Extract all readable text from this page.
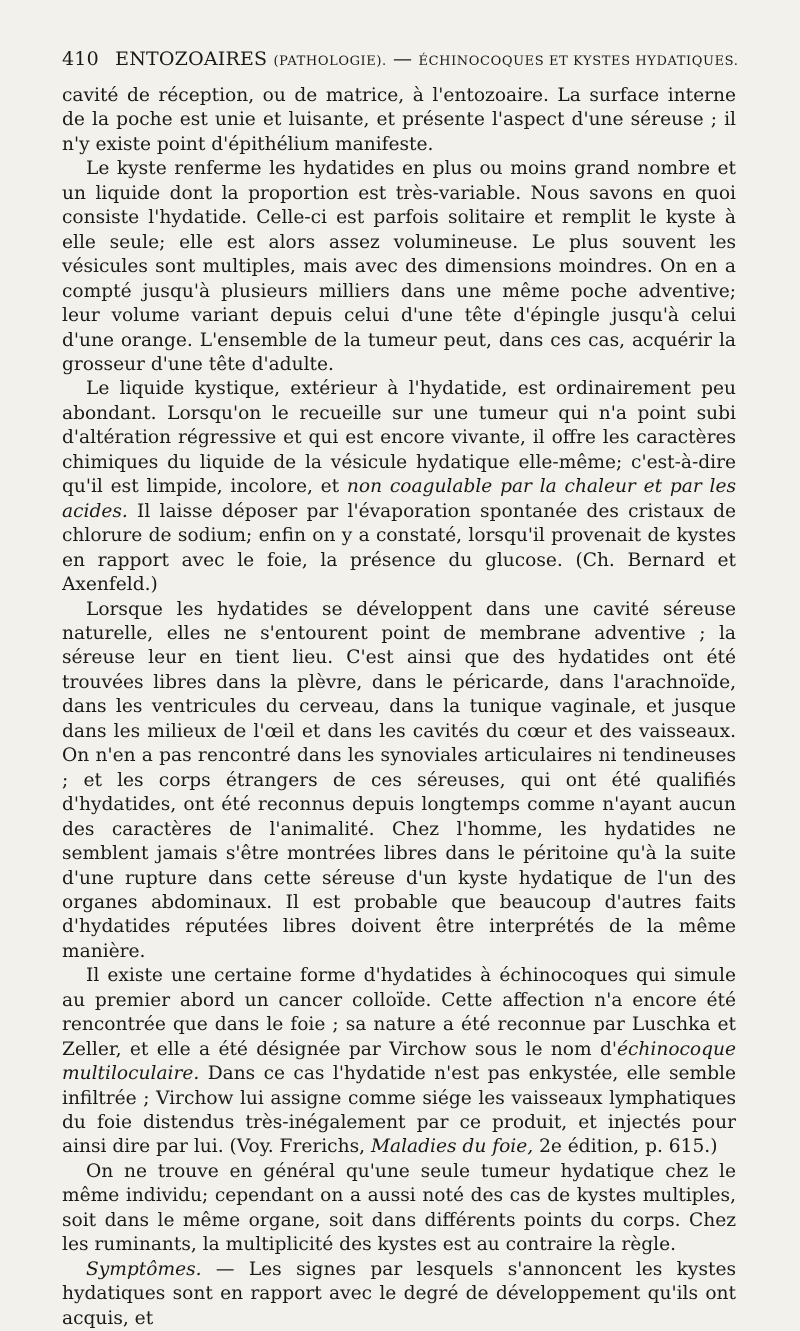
410 ENTOZOAIRES (PATHOLOGIE). — ÉCHINOCOQUES ET KYSTES HYDATIQUES.

cavité de réception, ou de matrice, à l'entozoaire. La surface interne de la poche est unie et luisante, et présente l'aspect d'une séreuse ; il n'y existe point d'épithélium manifeste.

Le kyste renferme les hydatides en plus ou moins grand nombre et un liquide dont la proportion est très-variable. Nous savons en quoi consiste l'hydatide. Celle-ci est parfois solitaire et remplit le kyste à elle seule; elle est alors assez volumineuse. Le plus souvent les vésicules sont multiples, mais avec des dimensions moindres. On en a compté jusqu'à plusieurs milliers dans une même poche adventive; leur volume variant depuis celui d'une tête d'épingle jusqu'à celui d'une orange. L'ensemble de la tumeur peut, dans ces cas, acquérir la grosseur d'une tête d'adulte.

Le liquide kystique, extérieur à l'hydatide, est ordinairement peu abondant. Lorsqu'on le recueille sur une tumeur qui n'a point subi d'altération régressive et qui est encore vivante, il offre les caractères chimiques du liquide de la vésicule hydatique elle-même; c'est-à-dire qu'il est limpide, incolore, et non coagulable par la chaleur et par les acides. Il laisse déposer par l'évaporation spontanée des cristaux de chlorure de sodium; enfin on y a constaté, lorsqu'il provenait de kystes en rapport avec le foie, la présence du glucose. (Ch. Bernard et Axenfeld.)

Lorsque les hydatides se développent dans une cavité séreuse naturelle, elles ne s'entourent point de membrane adventive ; la séreuse leur en tient lieu. C'est ainsi que des hydatides ont été trouvées libres dans la plèvre, dans le péricarde, dans l'arachnoïde, dans les ventricules du cerveau, dans la tunique vaginale, et jusque dans les milieux de l'œil et dans les cavités du cœur et des vaisseaux. On n'en a pas rencontré dans les synoviales articulaires ni tendineuses ; et les corps étrangers de ces séreuses, qui ont été qualifiés d'hydatides, ont été reconnus depuis longtemps comme n'ayant aucun des caractères de l'animalité. Chez l'homme, les hydatides ne semblent jamais s'être montrées libres dans le péritoine qu'à la suite d'une rupture dans cette séreuse d'un kyste hydatique de l'un des organes abdominaux. Il est probable que beaucoup d'autres faits d'hydatides réputées libres doivent être interprétés de la même manière.

Il existe une certaine forme d'hydatides à échinocoques qui simule au premier abord un cancer colloïde. Cette affection n'a encore été rencontrée que dans le foie ; sa nature a été reconnue par Luschka et Zeller, et elle a été désignée par Virchow sous le nom d'échinocoque multiloculaire. Dans ce cas l'hydatide n'est pas enkystée, elle semble infiltrée ; Virchow lui assigne comme siége les vaisseaux lymphatiques du foie distendus très-inégalement par ce produit, et injectés pour ainsi dire par lui. (Voy. Frerichs, Maladies du foie, 2e édition, p. 615.)

On ne trouve en général qu'une seule tumeur hydatique chez le même individu; cependant on a aussi noté des cas de kystes multiples, soit dans le même organe, soit dans différents points du corps. Chez les ruminants, la multiplicité des kystes est au contraire la règle.

Symptômes. — Les signes par lesquels s'annoncent les kystes hydatiques sont en rapport avec le degré de développement qu'ils ont acquis, et
